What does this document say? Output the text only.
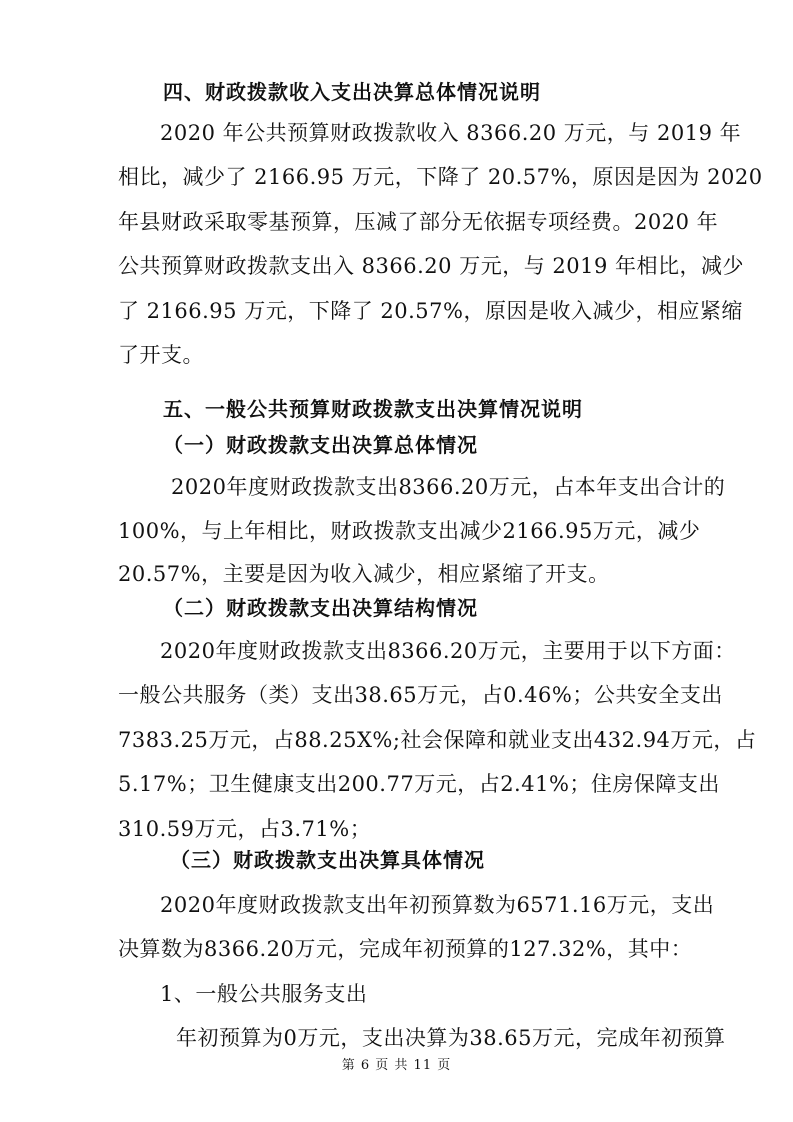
四、财政拨款收入支出决算总体情况说明
2020 年公共预算财政拨款收入 8366.20 万元，与 2019 年
相比，减少了 2166.95 万元，下降了 20.57%，原因是因为 2020
年县财政采取零基预算，压减了部分无依据专项经费。2020 年
公共预算财政拨款支出入 8366.20 万元，与 2019 年相比，减少
了 2166.95 万元，下降了 20.57%，原因是收入减少，相应紧缩
了开支。
五、一般公共预算财政拨款支出决算情况说明
（一）财政拨款支出决算总体情况
2020年度财政拨款支出8366.20万元，占本年支出合计的
100%，与上年相比，财政拨款支出减少2166.95万元，减少
20.57%，主要是因为收入减少，相应紧缩了开支。
（二）财政拨款支出决算结构情况
2020年度财政拨款支出8366.20万元，主要用于以下方面：
一般公共服务（类）支出38.65万元，占0.46%；公共安全支出
7383.25万元，占88.25X%;社会保障和就业支出432.94万元，占
5.17%；卫生健康支出200.77万元，占2.41%；住房保障支出
310.59万元，占3.71%；
（三）财政拨款支出决算具体情况
2020年度财政拨款支出年初预算数为6571.16万元，支出
决算数为8366.20万元，完成年初预算的127.32%，其中：
1、一般公共服务支出
年初预算为0万元，支出决算为38.65万元，完成年初预算
第 6 页 共 11 页
